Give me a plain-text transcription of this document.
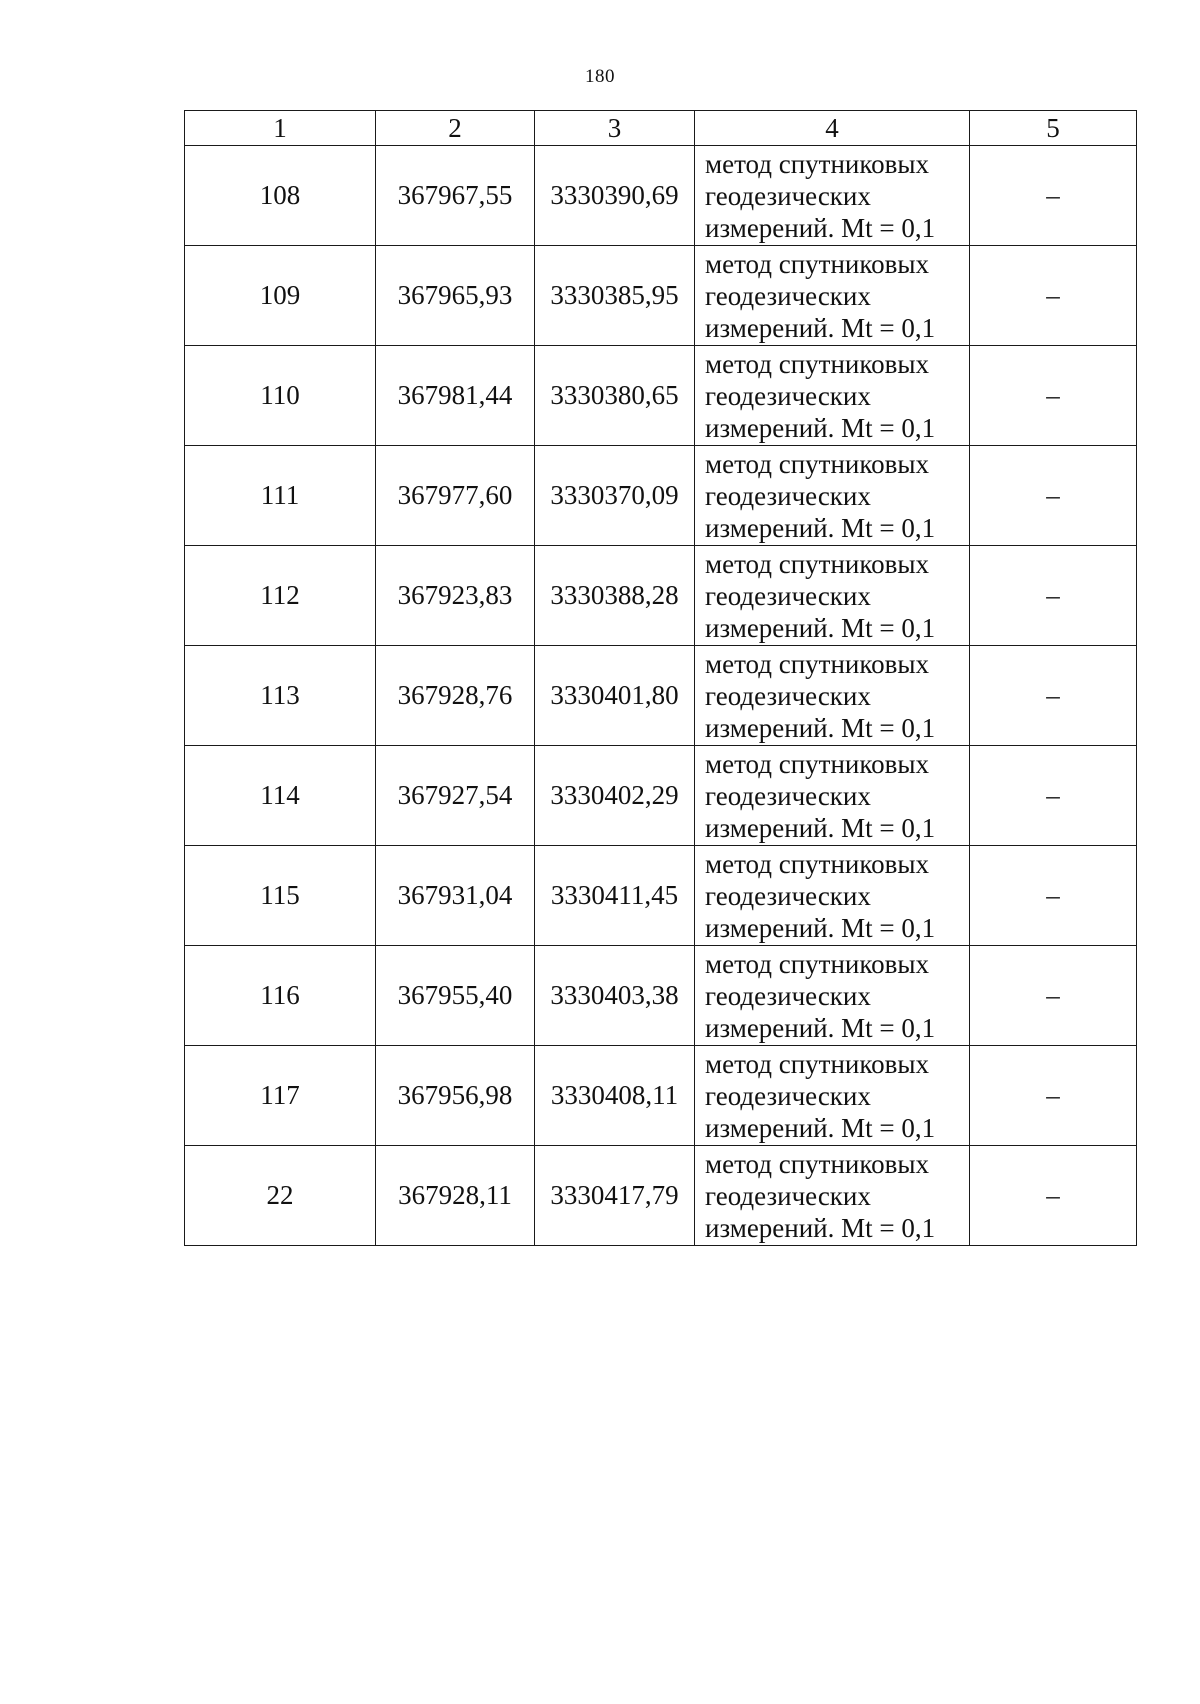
180
1	2	3	4	5
108	367967,55	3330390,69	метод спутниковых
геодезических
измерений. Mt = 0,1	–
109	367965,93	3330385,95	метод спутниковых
геодезических
измерений. Mt = 0,1	–
110	367981,44	3330380,65	метод спутниковых
геодезических
измерений. Mt = 0,1	–
111	367977,60	3330370,09	метод спутниковых
геодезических
измерений. Mt = 0,1	–
112	367923,83	3330388,28	метод спутниковых
геодезических
измерений. Mt = 0,1	–
113	367928,76	3330401,80	метод спутниковых
геодезических
измерений. Mt = 0,1	–
114	367927,54	3330402,29	метод спутниковых
геодезических
измерений. Mt = 0,1	–
115	367931,04	3330411,45	метод спутниковых
геодезических
измерений. Mt = 0,1	–
116	367955,40	3330403,38	метод спутниковых
геодезических
измерений. Mt = 0,1	–
117	367956,98	3330408,11	метод спутниковых
геодезических
измерений. Mt = 0,1	–
22	367928,11	3330417,79	метод спутниковых
геодезических
измерений. Mt = 0,1	–
